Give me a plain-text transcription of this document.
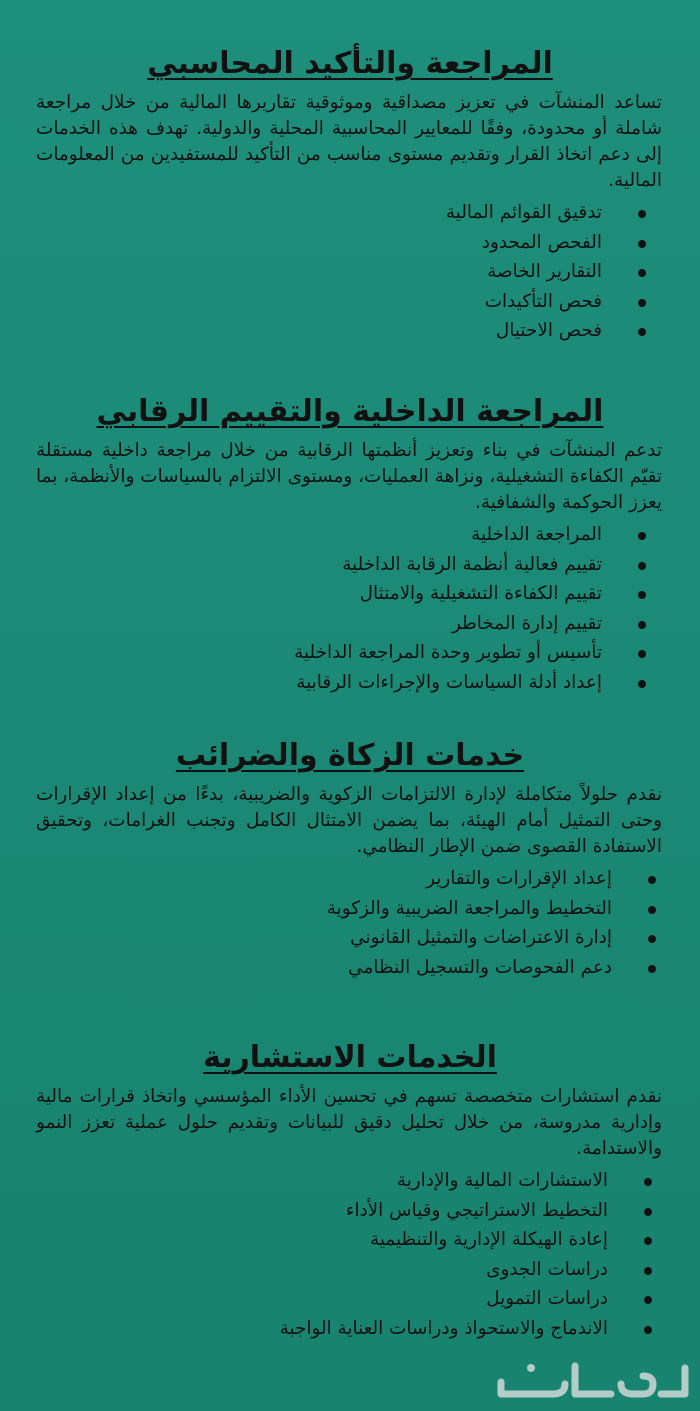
المراجعة والتأكيد المحاسبي

تساعد المنشآت في تعزيز مصداقية وموثوقية تقاريرها المالية من خلال مراجعة شاملة أو محدودة، وفقًا للمعايير المحاسبية المحلية والدولية. تهدف هذه الخدمات إلى دعم اتخاذ القرار وتقديم مستوى مناسب من التأكيد للمستفيدين من المعلومات المالية.

تدقيق القوائم المالية
الفحص المحدود
التقارير الخاصة
فحص التأكيدات
فحص الاحتيال
المراجعة الداخلية والتقييم الرقابي

تدعم المنشآت في بناء وتعزيز أنظمتها الرقابية من خلال مراجعة داخلية مستقلة تقيّم الكفاءة التشغيلية، ونزاهة العمليات، ومستوى الالتزام بالسياسات والأنظمة، بما يعزز الحوكمة والشفافية.

المراجعة الداخلية
تقييم فعالية أنظمة الرقابة الداخلية
تقييم الكفاءة التشغيلية والامتثال
تقييم إدارة المخاطر
تأسيس أو تطوير وحدة المراجعة الداخلية
إعداد أدلة السياسات والإجراءات الرقابية
خدمات الزكاة والضرائب

نقدم حلولاً متكاملة لإدارة الالتزامات الزكوية والضريبية، بدءًا من إعداد الإقرارات وحتى التمثيل أمام الهيئة، بما يضمن الامتثال الكامل وتجنب الغرامات، وتحقيق الاستفادة القصوى ضمن الإطار النظامي.

إعداد الإقرارات والتقارير
التخطيط والمراجعة الضريبية والزكوية
إدارة الاعتراضات والتمثيل القانوني
دعم الفحوصات والتسجيل النظامي
الخدمات الاستشارية

نقدم استشارات متخصصة تسهم في تحسين الأداء المؤسسي واتخاذ قرارات مالية وإدارية مدروسة، من خلال تحليل دقيق للبيانات وتقديم حلول عملية تعزز النمو والاستدامة.

الاستشارات المالية والإدارية
التخطيط الاستراتيجي وقياس الأداء
إعادة الهيكلة الإدارية والتنظيمية
دراسات الجدوى
دراسات التمويل
الاندماج والاستحواذ ودراسات العناية الواجبة
